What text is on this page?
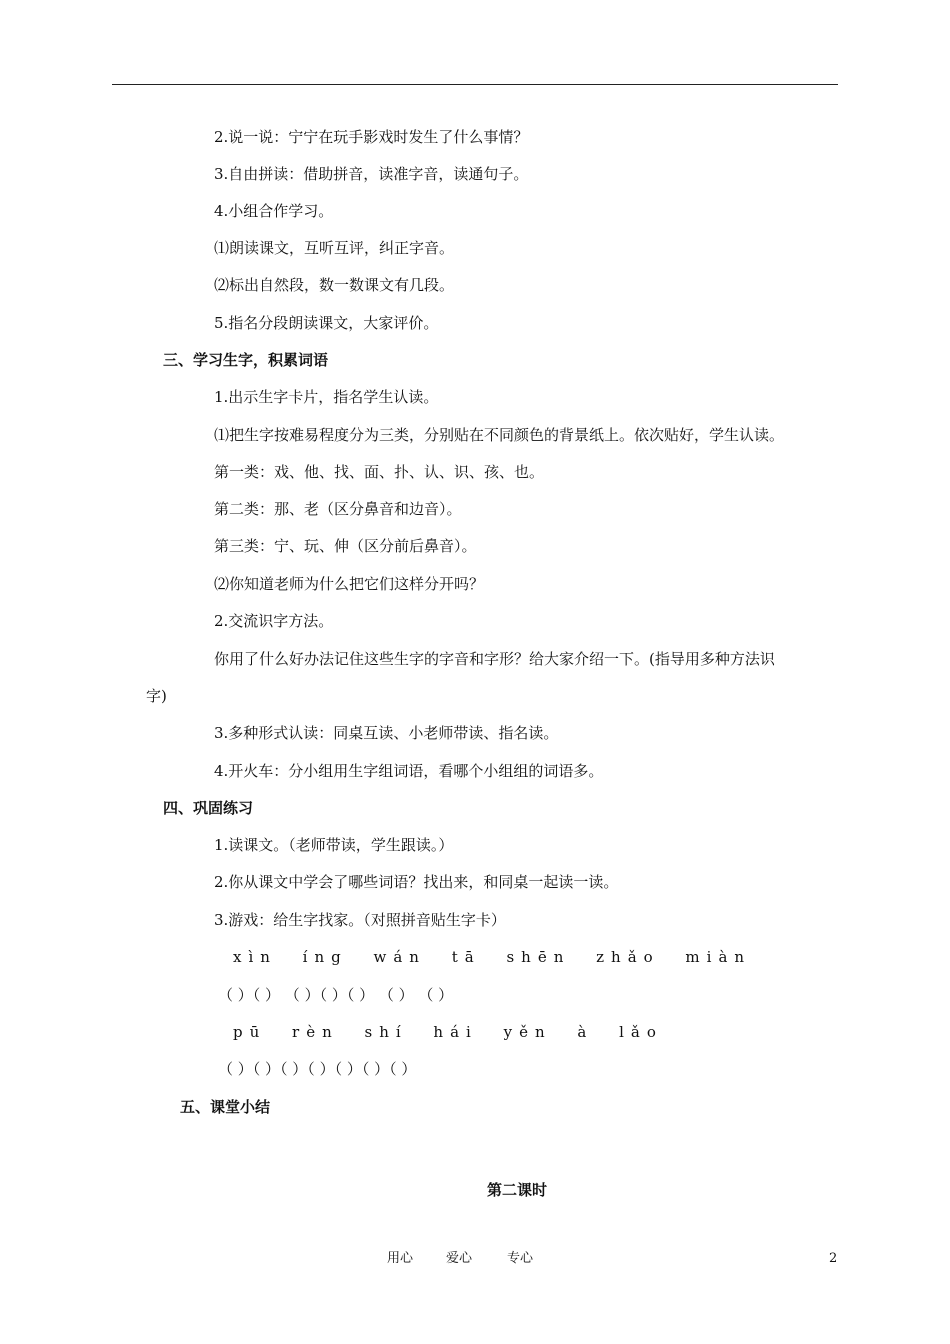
2.说一说：宁宁在玩手影戏时发生了什么事情？
3.自由拼读：借助拼音，读准字音，读通句子。
4.小组合作学习。
⑴朗读课文，互听互评，纠正字音。
⑵标出自然段，数一数课文有几段。
5.指名分段朗读课文，大家评价。
三、学习生字，积累词语
1.出示生字卡片，指名学生认读。
⑴把生字按难易程度分为三类，分别贴在不同颜色的背景纸上。依次贴好，学生认读。
第一类：戏、他、找、面、扑、认、识、孩、也。
第二类：那、老（区分鼻音和边音）。
第三类：宁、玩、伸（区分前后鼻音）。
⑵你知道老师为什么把它们这样分开吗？
2.交流识字方法。
你用了什么好办法记住这些生字的字音和字形？给大家介绍一下。(指导用多种方法识
字)
3.多种形式认读：同桌互读、小老师带读、指名读。
4.开火车：分小组用生字组词语，看哪个小组组的词语多。
四、巩固练习
1.读课文。（老师带读，学生跟读。）
2.你从课文中学会了哪些词语？找出来，和同桌一起读一读。
3.游戏：给生字找家。（对照拼音贴生字卡）
xìn íng wán tā shēn zhǎo miàn
（ ）（ ） （ ）（ ）（ ） （ ） （ ）
pū rèn shí hái yěn à lǎo
（ ）（ ）（ ）（ ）（ ）（ ）（ ）
五、课堂小结
第二课时
用心	爱心	专心	2
